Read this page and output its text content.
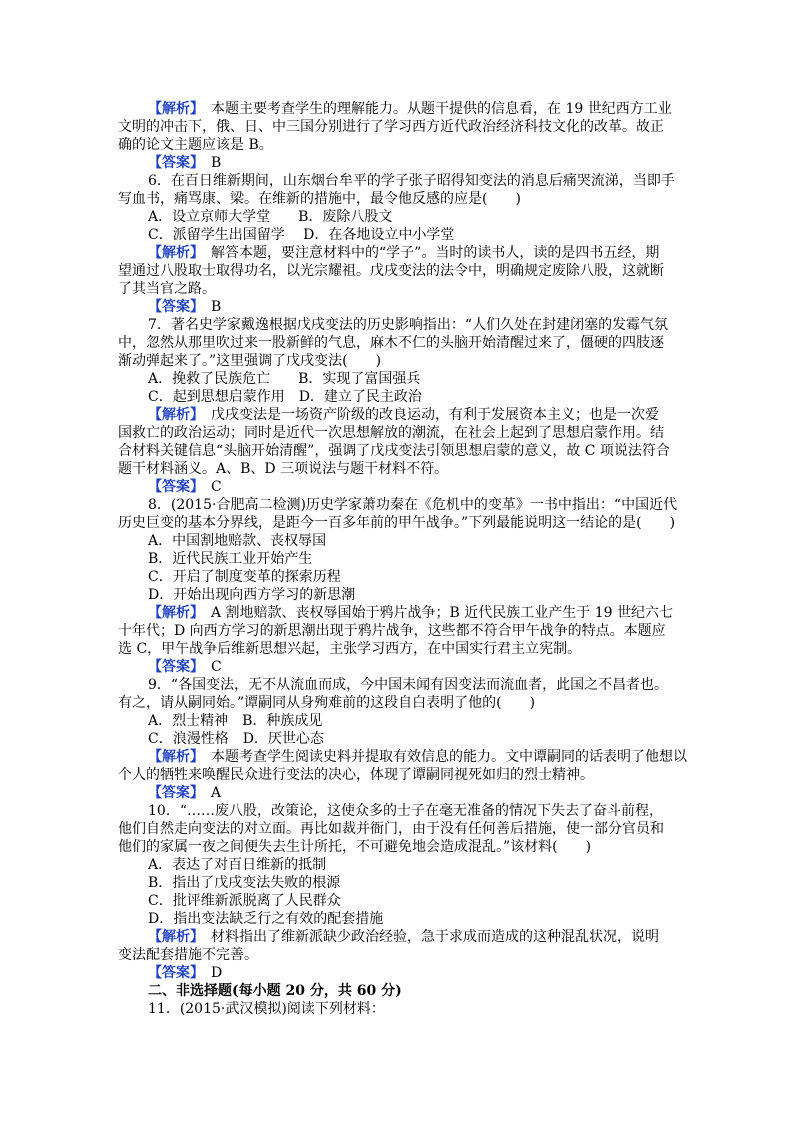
【解析】　本题主要考查学生的理解能力。从题干提供的信息看，在 19 世纪西方工业
文明的冲击下，俄、日、中三国分别进行了学习西方近代政治经济科技文化的改革。故正
确的论文主题应该是 B。
【答案】　B
6．在百日维新期间，山东烟台牟平的学子张子昭得知变法的消息后痛哭流涕，当即手
写血书，痛骂康、梁。在维新的措施中，最令他反感的应是(　　)
A．设立京师大学堂　　B．废除八股文
C．派留学生出国留学　 D．在各地设立中小学堂
【解析】　解答本题，要注意材料中的“学子”。当时的读书人，读的是四书五经，期
望通过八股取士取得功名，以光宗耀祖。戊戌变法的法令中，明确规定废除八股，这就断
了其当官之路。
【答案】　B
7．著名史学家戴逸根据戊戌变法的历史影响指出：“人们久处在封建闭塞的发霉气氛
中，忽然从那里吹过来一股新鲜的气息，麻木不仁的头脑开始清醒过来了，僵硬的四肢逐
渐动弹起来了。”这里强调了戊戌变法(　　)
A．挽救了民族危亡　　B．实现了富国强兵
C．起到思想启蒙作用　D．建立了民主政治
【解析】　戊戌变法是一场资产阶级的改良运动，有利于发展资本主义；也是一次爱
国救亡的政治运动；同时是近代一次思想解放的潮流，在社会上起到了思想启蒙作用。结
合材料关键信息“头脑开始清醒”，强调了戊戌变法引领思想启蒙的意义，故 C 项说法符合
题干材料涵义。A、B、D 三项说法与题干材料不符。
【答案】　C
8．(2015·合肥高二检测)历史学家萧功秦在《危机中的变革》一书中指出：“中国近代
历史巨变的基本分界线，是距今一百多年前的甲午战争。”下列最能说明这一结论的是(　　)
A．中国割地赔款、丧权辱国
B．近代民族工业开始产生
C．开启了制度变革的探索历程
D．开始出现向西方学习的新思潮
【解析】　A 割地赔款、丧权辱国始于鸦片战争；B 近代民族工业产生于 19 世纪六七
十年代；D 向西方学习的新思潮出现于鸦片战争，这些都不符合甲午战争的特点。本题应
选 C，甲午战争后维新思想兴起，主张学习西方，在中国实行君主立宪制。
【答案】　C
9．“各国变法，无不从流血而成，今中国未闻有因变法而流血者，此国之不昌者也。
有之，请从嗣同始。”谭嗣同从身殉难前的这段自白表明了他的(　　)
A．烈士精神　B．种族成见
C．浪漫性格　D．厌世心态
【解析】　本题考查学生阅读史料并提取有效信息的能力。文中谭嗣同的话表明了他想以
个人的牺牲来唤醒民众进行变法的决心，体现了谭嗣同视死如归的烈士精神。
【答案】　A
10．“……废八股，改策论，这使众多的士子在毫无准备的情况下失去了奋斗前程，
他们自然走向变法的对立面。再比如裁并衙门，由于没有任何善后措施，使一部分官员和
他们的家属一夜之间便失去生计所托，不可避免地会造成混乱。”该材料(　　)
A．表达了对百日维新的抵制
B．指出了戊戌变法失败的根源
C．批评维新派脱离了人民群众
D．指出变法缺乏行之有效的配套措施
【解析】　材料指出了维新派缺少政治经验，急于求成而造成的这种混乱状况，说明
变法配套措施不完善。
【答案】　D
二、非选择题(每小题 20 分，共 60 分)
11．(2015·武汉模拟)阅读下列材料：
